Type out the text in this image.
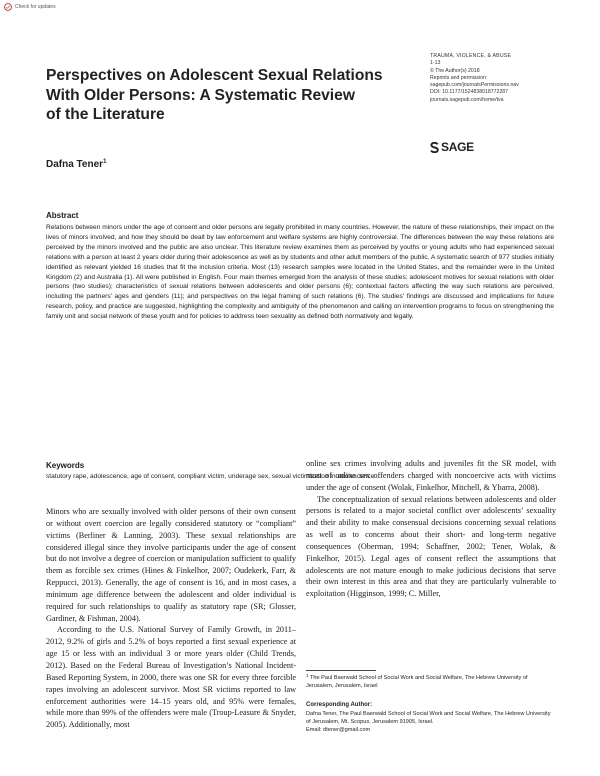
Check for updates
TRAUMA, VIOLENCE, & ABUSE
1-13
© The Author(s) 2018
Reprints and permission:
sagepub.com/journalsPermissions.nav
DOI: 10.1177/1524838018772287
journals.sagepub.com/home/tva
SAGE
Perspectives on Adolescent Sexual Relations
With Older Persons: A Systematic Review
of the Literature
Dafna Tener$^1$
Abstract
Relations between minors under the age of consent and older persons are legally prohibited in many countries. However, the nature of these relationships, their impact on the lives of minors involved, and how they should be dealt by law enforcement and welfare systems are highly controversial. The differences between the way these relations are perceived by the minors involved and the public are also unclear. This literature review examines them as perceived by youths or young adults who had experienced sexual relations with a person at least 2 years older during their adolescence as well as by students and other adult members of the public. A systematic search of 977 studies initially identified as relevant yielded 16 studies that fit the inclusion criteria. Most (13) research samples were located in the United States, and the remainder were in the United Kingdom (2) and Australia (1). All were published in English. Four main themes emerged from the analysis of these studies: adolescent motives for sexual relations with older persons (two studies); characteristics of sexual relations between adolescents and older persons (6); contextual factors affecting the way such relations are perceived, including the partners' ages and genders (11); and perspectives on the legal framing of such relations (6). The studies' findings are discussed and implications for future research, policy, and practice are suggested, highlighting the complexity and ambiguity of the phenomenon and calling on intervention programs to focus on strengthening the family unit and social network of these youth and for policies to address teen sexuality as defined both normatively and legally.
Keywords
statutory rape, adolescence, age of consent, compliant victim, underage sex, sexual victimization in adolescence

Minors who are sexually involved with older persons of their own consent or without overt coercion are legally considered statutory or “compliant” victims (Berliner & Lanning, 2003). These sexual relationships are considered illegal since they involve participants under the age of consent but do not involve a degree of coercion or manipulation sufficient to qualify them as forcible sex crimes (Hines & Finkelhor, 2007; Oudekerk, Farr, & Reppucci, 2013). Generally, the age of consent is 16, and in most cases, a minimum age difference between the adolescent and older individual is required for such relationships to qualify as statutory rape (SR; Glosser, Gardiner, & Fishman, 2004).

According to the U.S. National Survey of Family Growth, in 2011–2012, 9.2% of girls and 5.2% of boys reported a first sexual experience at age 15 or less with an individual 3 or more years older (Child Trends, 2012). Based on the Federal Bureau of Investigation’s National Incident-Based Reporting System, in 2000, there was one SR for every three forcible rapes involving an adolescent survivor. Most SR victims reported to law enforcement authorities were 14–15 years old, and 95% were females, while more than 99% of the offenders were male (Troup-Leasure & Snyder, 2005). Additionally, most

online sex crimes involving adults and juveniles fit the SR model, with most of online sex offenders charged with noncoercive acts with victims under the age of consent (Wolak, Finkelhor, Mitchell, & Ybarra, 2008).

The conceptualization of sexual relations between adolescents and older persons is related to a major societal conflict over adolescents’ sexuality and their ability to make consensual decisions concerning sexual relations as well as to concerns about their short- and long-term negative consequences (Oberman, 1994; Schaffner, 2002; Tener, Wolak, & Finkelhor, 2015). Legal ages of consent reflect the assumptions that adolescents are not mature enough to make judicious decisions that serve their own interest in this area and that they are particularly vulnerable to exploitation (Higginson, 1999; C. Miller,

$^1$ The Paul Baerwald School of Social Work and Social Welfare, The Hebrew University of Jerusalem, Jerusalem, Israel
Corresponding Author:
Dafna Tener, The Paul Baerwald School of Social Work and Social Welfare, The Hebrew University of Jerusalem, Mt. Scopus, Jerusalem 91905, Israel.
Email: dtener@gmail.com
